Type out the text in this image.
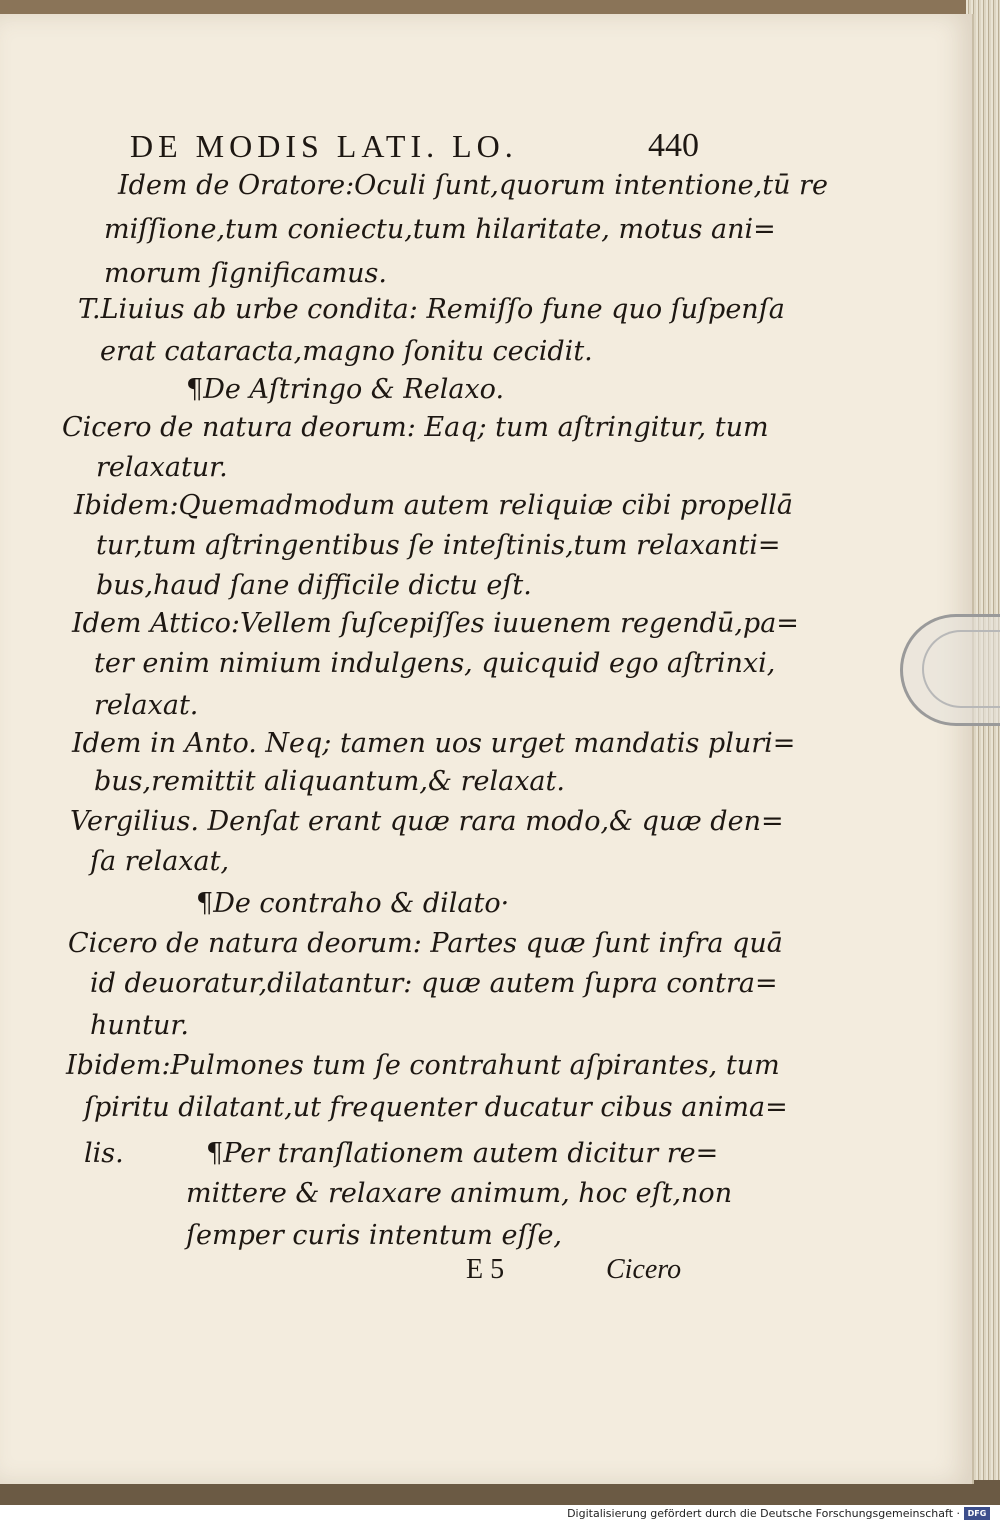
DE MODIS LATI. LO.	440
Idem de Oratore:Oculi ſunt,quorum intentione,tū re
miſſione,tum coniectu,tum hilaritate, motus ani=
morum ſignificamus.
T.Liuius ab urbe condita: Remiſſo fune quo ſuſpenſa
erat cataracta,magno ſonitu cecidit.
¶De Aſtringo & Relaxo.
Cicero de natura deorum: Eaq; tum aſtringitur, tum
relaxatur.
Ibidem:Quemadmodum autem reliquiæ cibi propellā
tur,tum aſtringentibus ſe inteſtinis,tum relaxanti=
bus,haud ſane difficile dictu eſt.
Idem Attico:Vellem ſuſcepiſſes iuuenem regendū,pa=
ter enim nimium indulgens, quicquid ego aſtrinxi,
relaxat.
Idem in Anto. Neq; tamen uos urget mandatis pluri=
bus,remittit aliquantum,& relaxat.
Vergilius. Denſat erant quæ rara modo,& quæ den=
ſa relaxat,
¶De contraho & dilato·
Cicero de natura deorum: Partes quæ ſunt infra quā
id deuoratur,dilatantur: quæ autem ſupra contra=
huntur.
Ibidem:Pulmones tum ſe contrahunt aſpirantes, tum
ſpiritu dilatant,ut frequenter ducatur cibus anima=
lis.	¶Per tranſlationem autem dicitur re=
mittere & relaxare animum, hoc eſt,non
ſemper curis intentum eſſe,
E 5	Cicero
Digitalisierung gefördert durch die Deutsche Forschungsgemeinschaft · DFG
